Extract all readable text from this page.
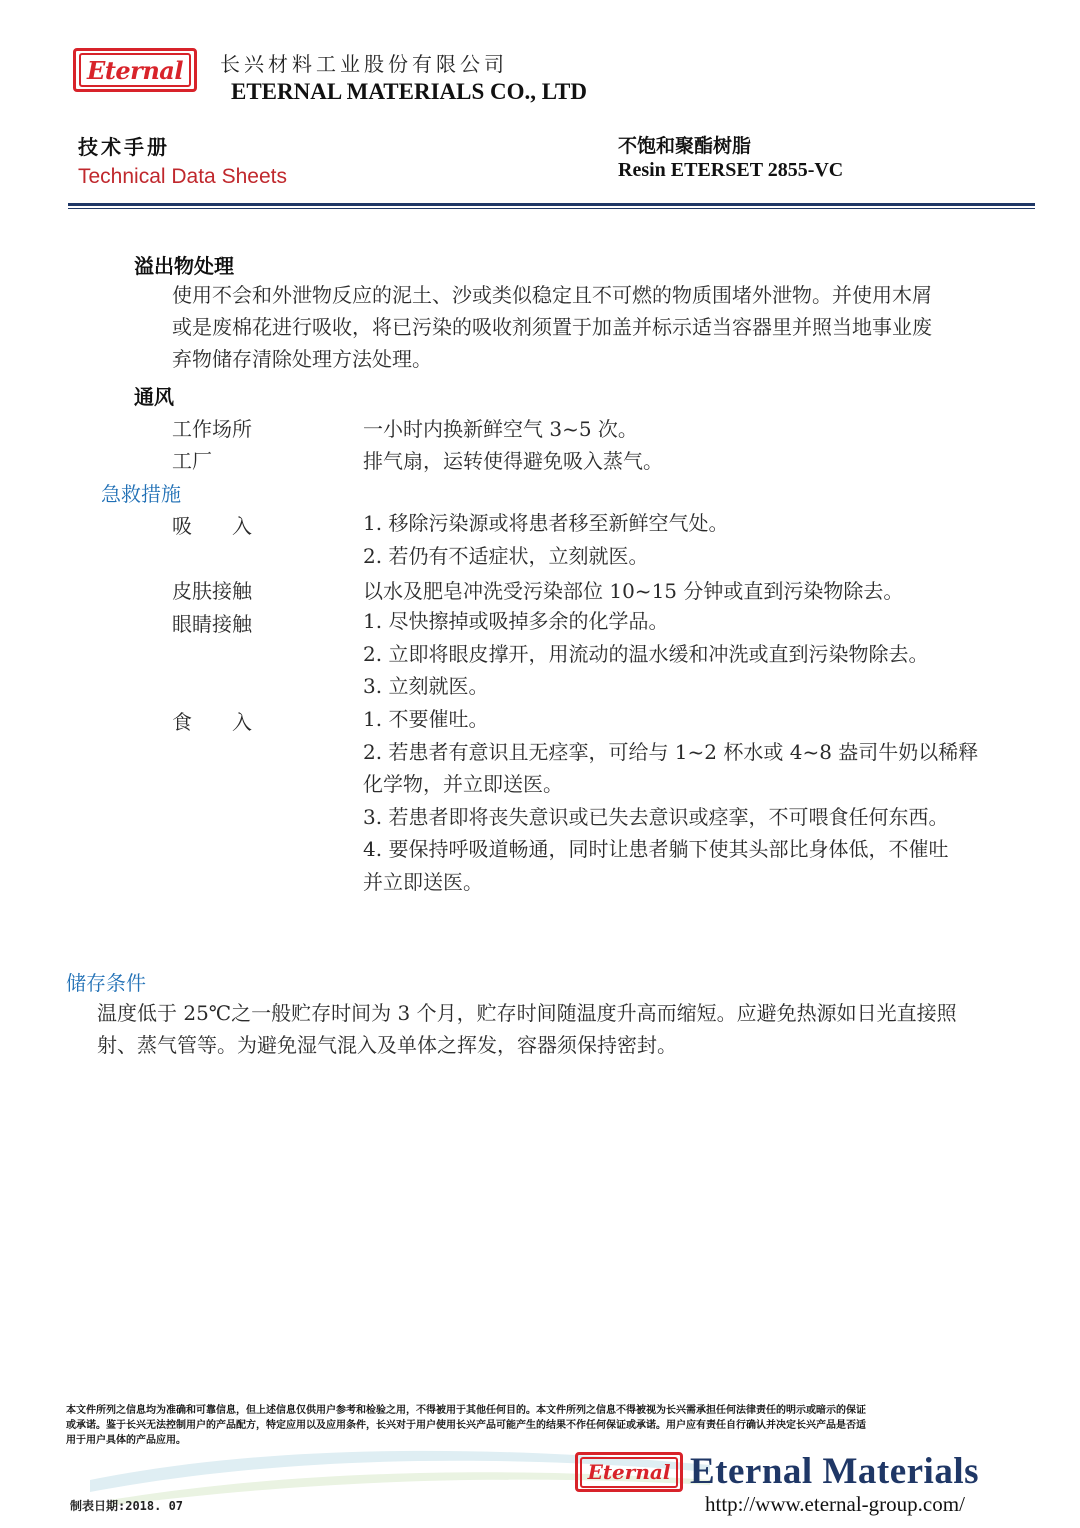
Eternal	长兴材料工业股份有限公司
ETERNAL MATERIALS CO., LTD
技术手册
Technical Data Sheets
不饱和聚酯树脂
Resin ETERSET 2855-VC
溢出物处理
使用不会和外泄物反应的泥土、沙或类似稳定且不可燃的物质围堵外泄物。并使用木屑
或是废棉花进行吸收，将已污染的吸收剂须置于加盖并标示适当容器里并照当地事业废
弃物储存清除处理方法处理。
通风
工作场所	一小时内换新鲜空气 3~5 次。
工厂	排气扇，运转使得避免吸入蒸气。
急救措施
吸　　入	1. 移除污染源或将患者移至新鲜空气处。
2. 若仍有不适症状，立刻就医。
皮肤接触	以水及肥皂冲洗受污染部位 10~15 分钟或直到污染物除去。
眼睛接触	1. 尽快擦掉或吸掉多余的化学品。
2. 立即将眼皮撑开，用流动的温水缓和冲洗或直到污染物除去。
3. 立刻就医。
食　　入	1. 不要催吐。
2. 若患者有意识且无痉挛，可给与 1~2 杯水或 4~8 盎司牛奶以稀释
化学物，并立即送医。
3. 若患者即将丧失意识或已失去意识或痉挛，不可喂食任何东西。
4. 要保持呼吸道畅通，同时让患者躺下使其头部比身体低，不催吐
并立即送医。
储存条件
温度低于 25℃之一般贮存时间为 3 个月，贮存时间随温度升高而缩短。应避免热源如日光直接照
射、蒸气管等。为避免湿气混入及单体之挥发，容器须保持密封。
本文件所列之信息均为准确和可靠信息，但上述信息仅供用户参考和检验之用，不得被用于其他任何目的。本文件所列之信息不得被视为长兴需承担任何法律责任的明示或暗示的保证
或承诺。鉴于长兴无法控制用户的产品配方，特定应用以及应用条件，长兴对于用户使用长兴产品可能产生的结果不作任何保证或承诺。用户应有责任自行确认并决定长兴产品是否适
用于用户具体的产品应用。
制表日期:2018. 07
Eternal Eternal Materials
http://www.eternal-group.com/
